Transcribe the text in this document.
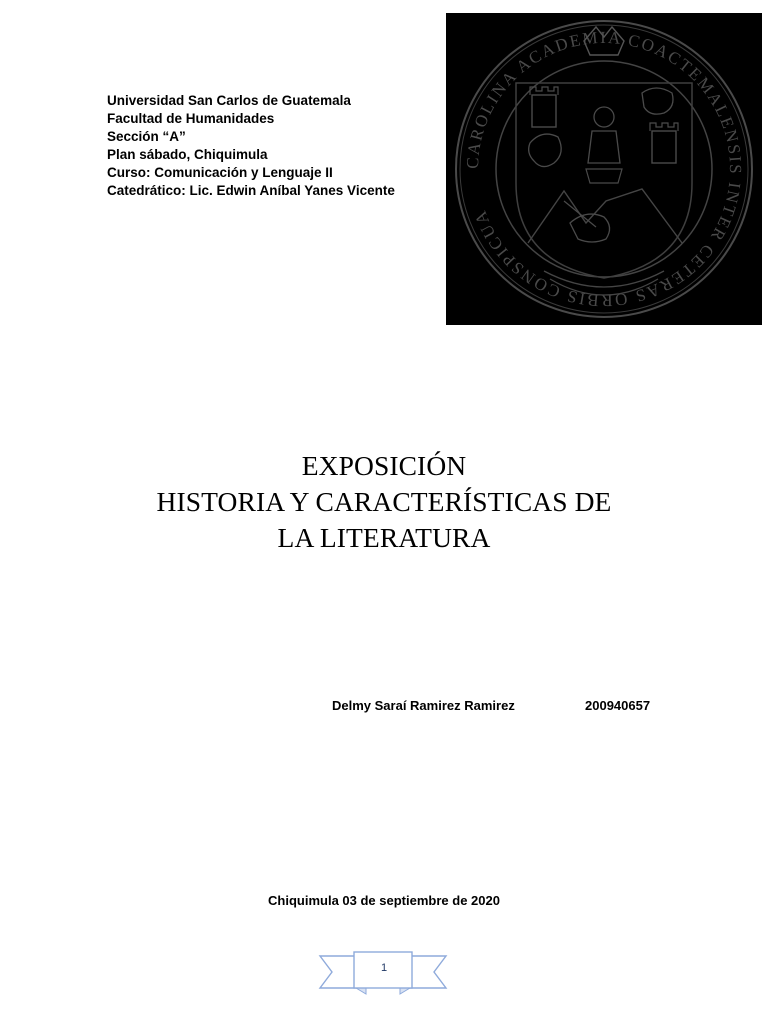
Universidad San Carlos de Guatemala
Facultad de Humanidades
Sección “A”
Plan sábado, Chiquimula
Curso: Comunicación y Lenguaje II
Catedrático: Lic. Edwin Aníbal Yanes Vicente
CAROLINA ACADEMIA COACTEMALENSIS INTER CETERAS ORBIS CONSPICUA
EXPOSICIÓN
HISTORIA Y CARACTERÍSTICAS DE
LA LITERATURA
Delmy Saraí Ramirez Ramirez	200940657
Chiquimula 03 de septiembre de 2020
1
